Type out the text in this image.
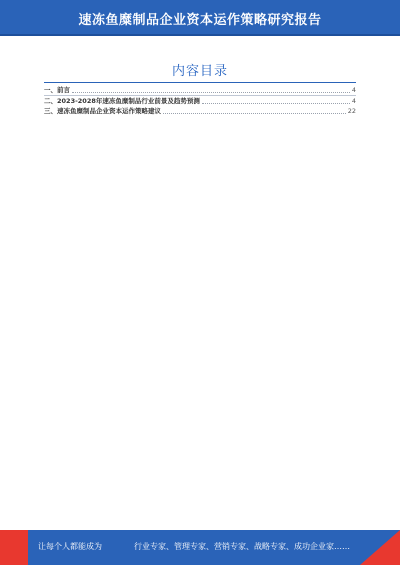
速冻鱼糜制品企业资本运作策略研究报告
内容目录
一、前言	4
二、2023-2028年速冻鱼糜制品行业前景及趋势预测	4
三、速冻鱼糜制品企业资本运作策略建议	22
让每个人都能成为	行业专家、管理专家、营销专家、战略专家、成功企业家……
